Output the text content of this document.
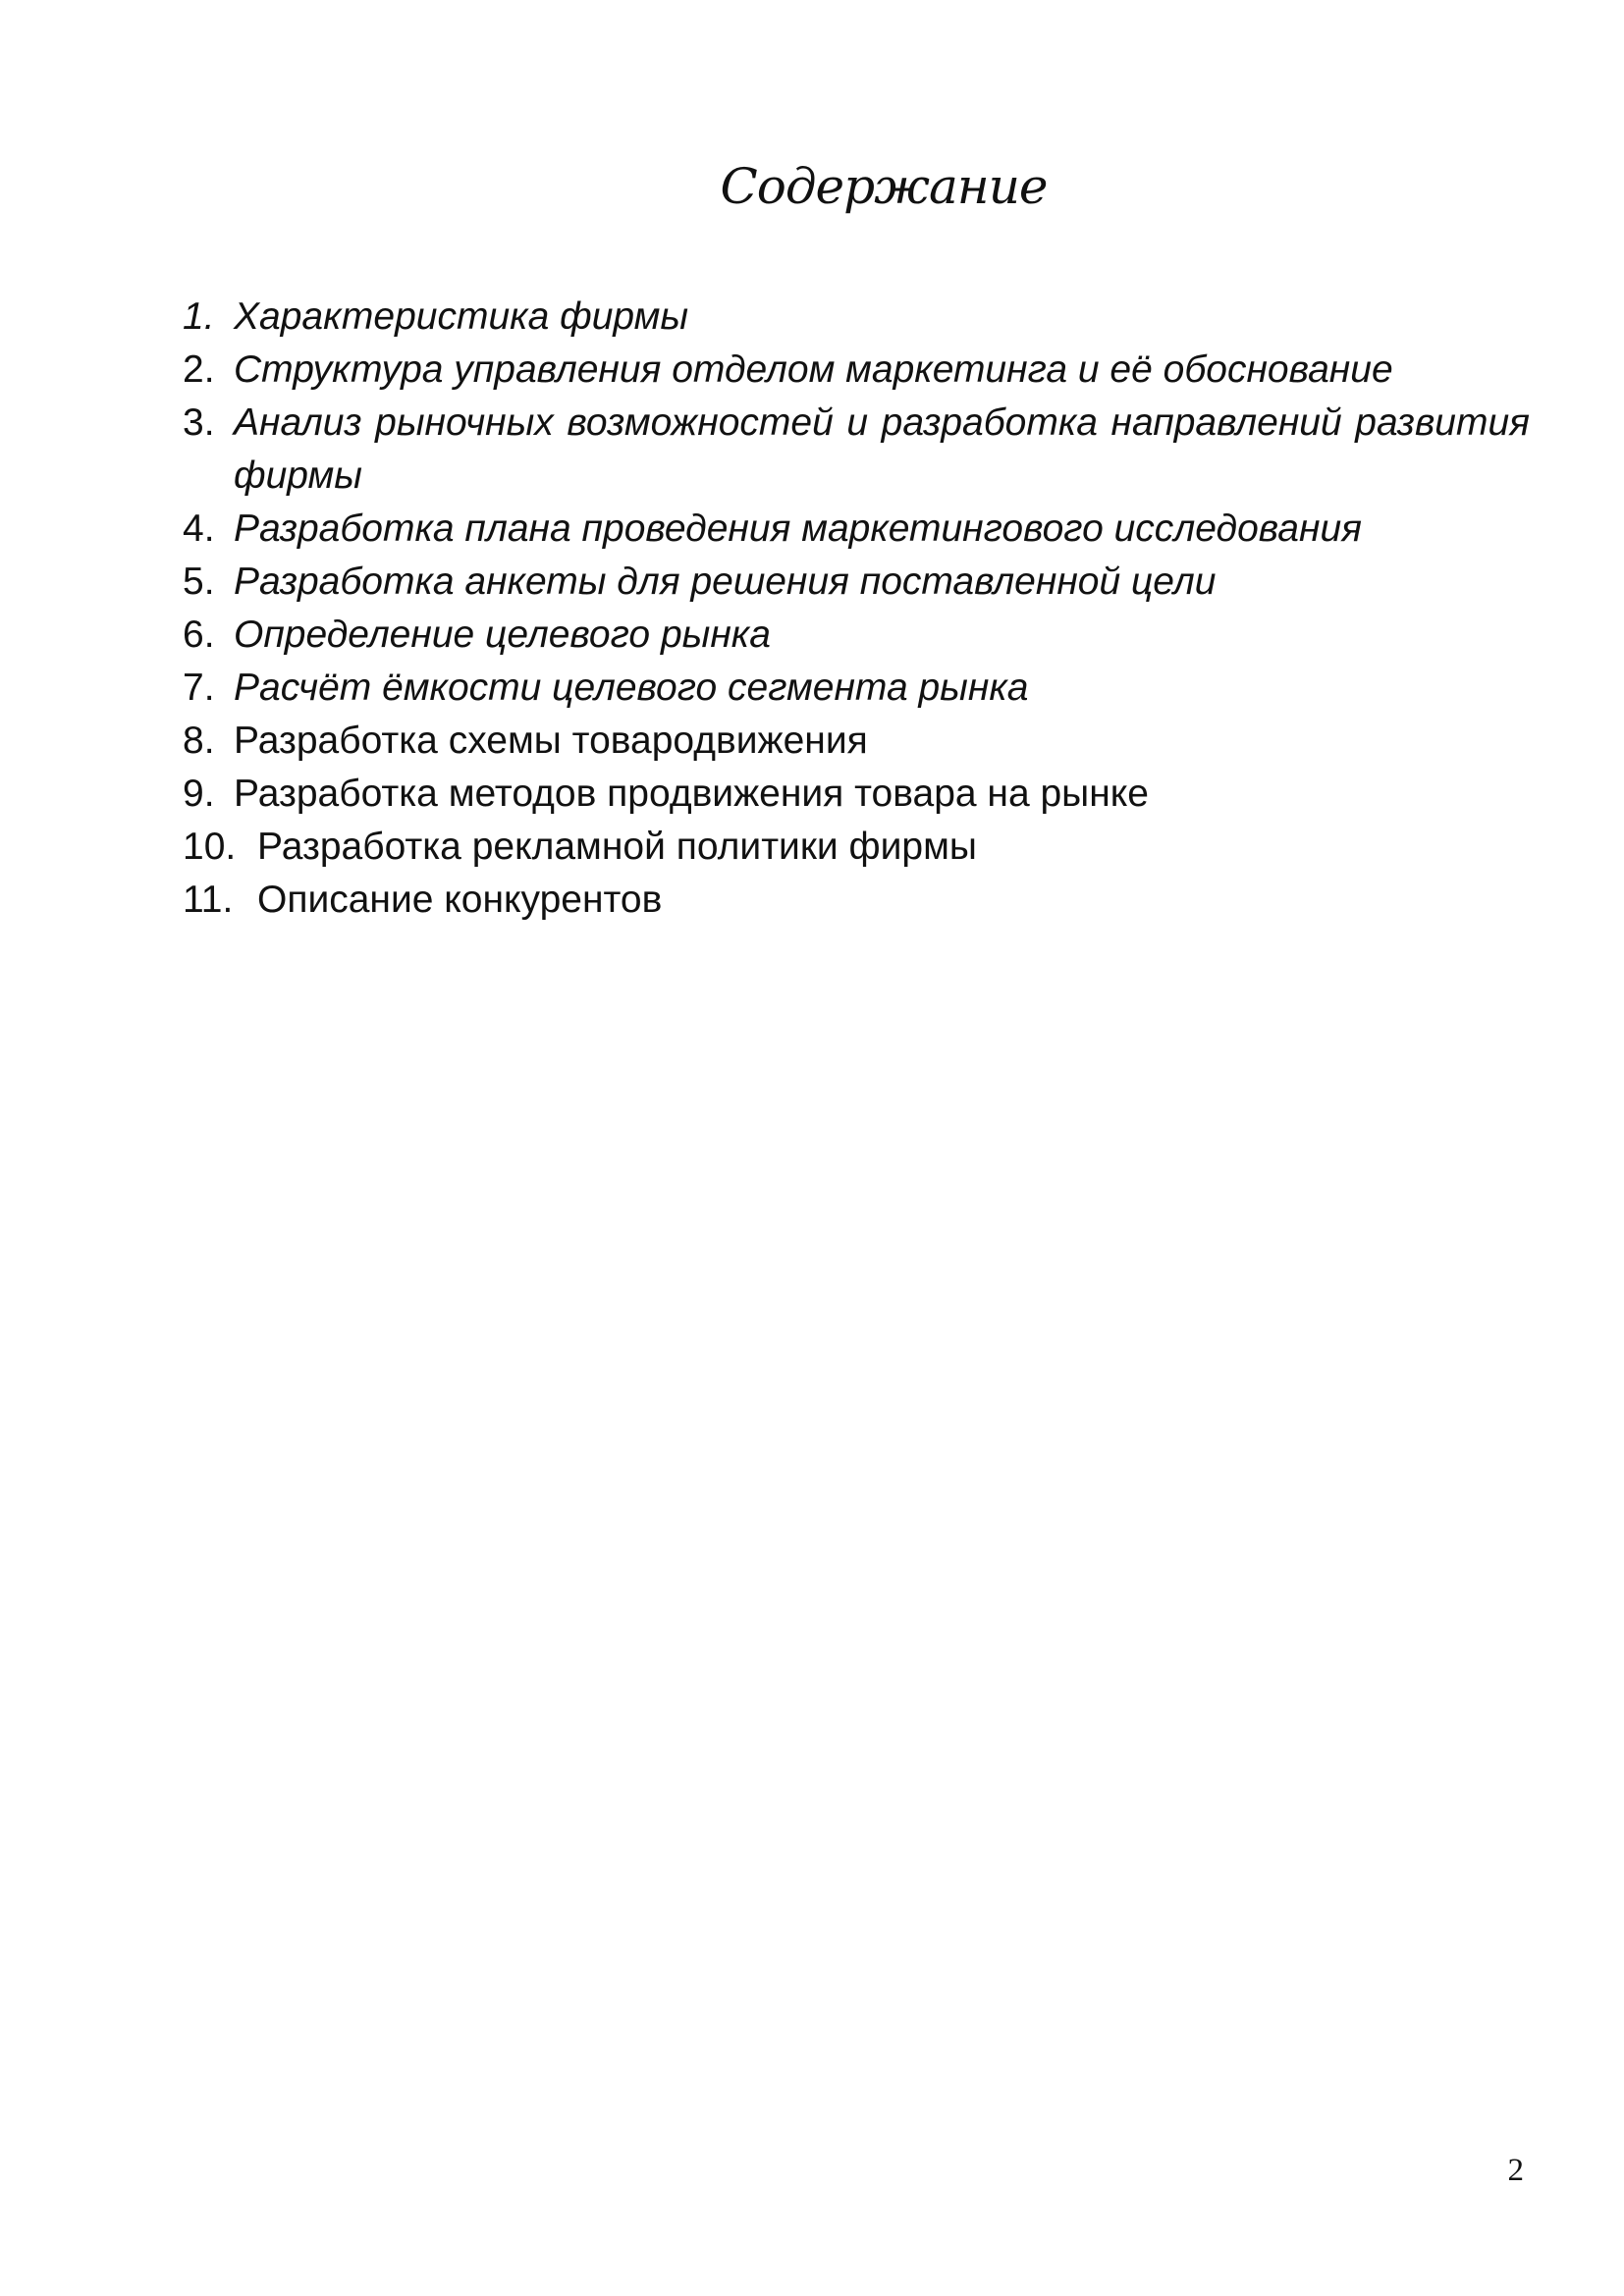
Содержание
1. Характеристика фирмы
2. Структура управления отделом маркетинга и её обоснование
3. Анализ рыночных возможностей и разработка направлений развития фирмы
4. Разработка плана проведения маркетингового исследования
5. Разработка анкеты для решения поставленной цели
6. Определение целевого рынка
7. Расчёт ёмкости целевого сегмента рынка
8. Разработка схемы товародвижения
9. Разработка методов продвижения товара на рынке
10. Разработка рекламной политики фирмы
11. Описание конкурентов
2
